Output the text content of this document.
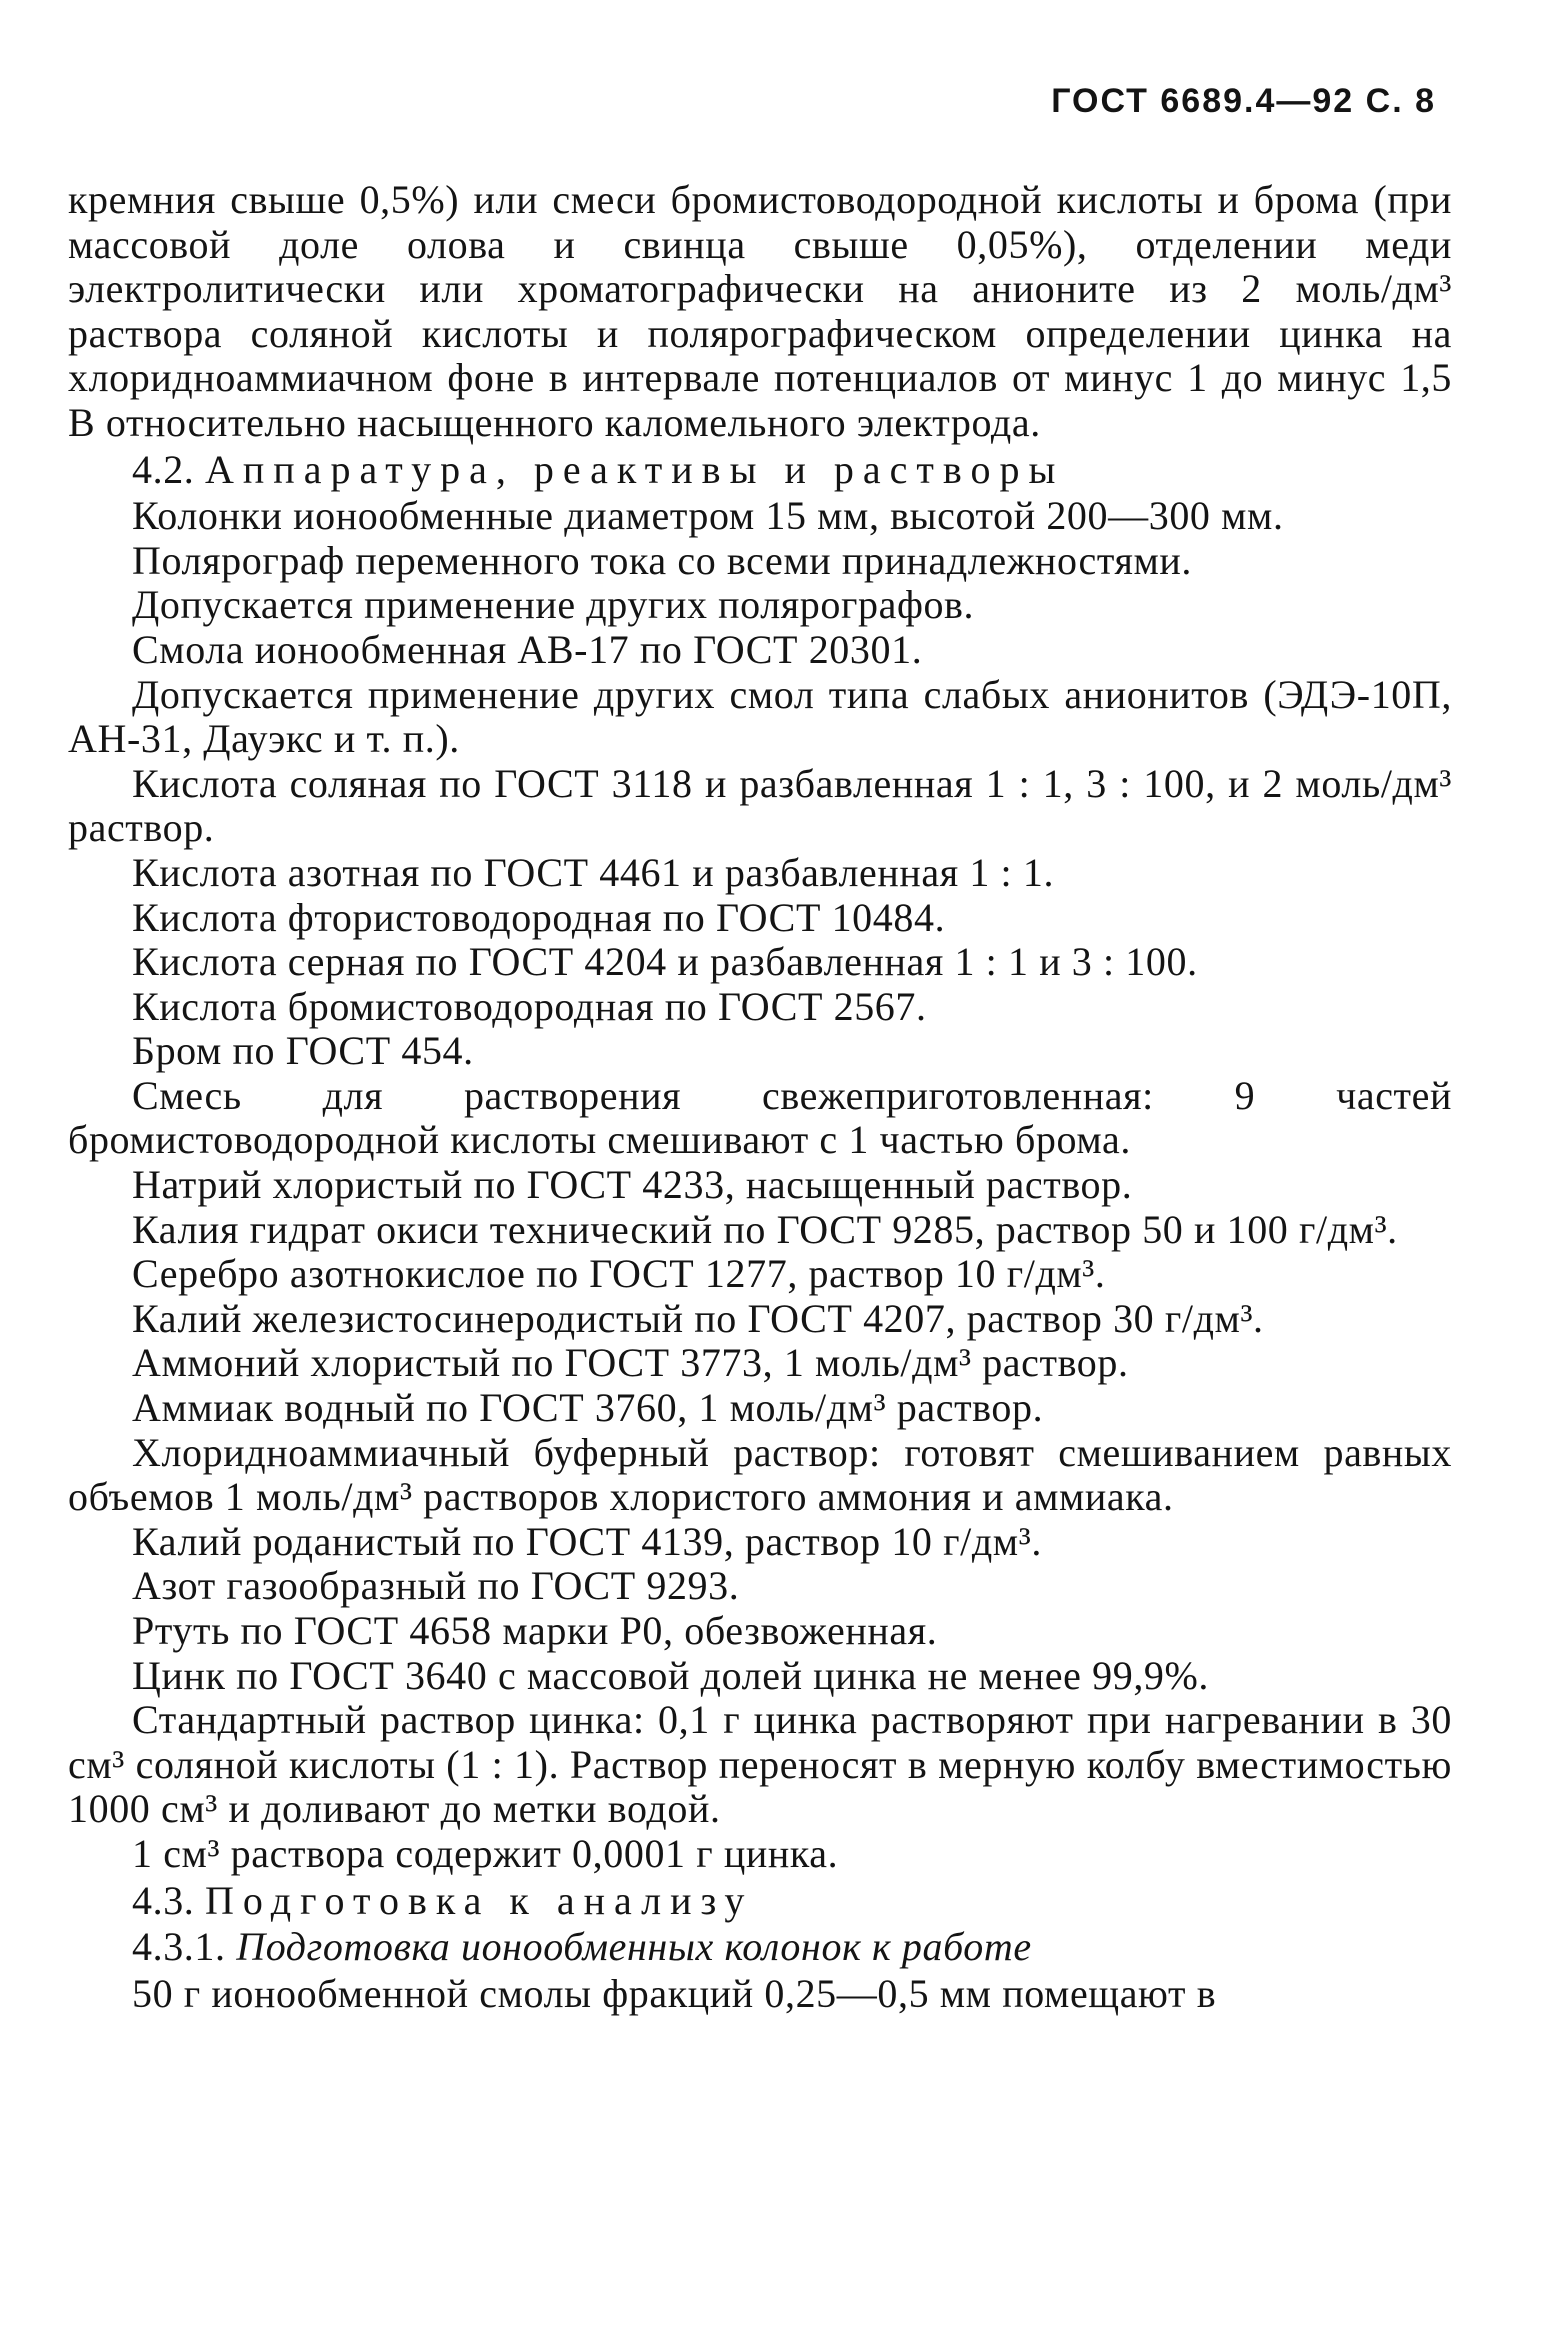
ГОСТ 6689.4—92 С. 8

кремния свыше 0,5%) или смеси бромистоводородной кислоты и брома (при массовой доле олова и свинца свыше 0,05%), отделении меди электролитически или хроматографически на анионите из 2 моль/дм³ раствора соляной кислоты и полярографическом определении цинка на хлоридноаммиачном фоне в интервале потенциалов от минус 1 до минус 1,5 В относительно насыщенного каломельного электрода.

4.2. Аппаратура, реактивы и растворы

Колонки ионообменные диаметром 15 мм, высотой 200—300 мм.

Полярограф переменного тока со всеми принадлежностями.

Допускается применение других полярографов.

Смола ионообменная АВ-17 по ГОСТ 20301.

Допускается применение других смол типа слабых анионитов (ЭДЭ-10П, АН-31, Дауэкс и т. п.).

Кислота соляная по ГОСТ 3118 и разбавленная 1 : 1, 3 : 100, и 2 моль/дм³ раствор.

Кислота азотная по ГОСТ 4461 и разбавленная 1 : 1.

Кислота фтористоводородная по ГОСТ 10484.

Кислота серная по ГОСТ 4204 и разбавленная 1 : 1 и 3 : 100.

Кислота бромистоводородная по ГОСТ 2567.

Бром по ГОСТ 454.

Смесь для растворения свежеприготовленная: 9 частей бромистоводородной кислоты смешивают с 1 частью брома.

Натрий хлористый по ГОСТ 4233, насыщенный раствор.

Калия гидрат окиси технический по ГОСТ 9285, раствор 50 и 100 г/дм³.

Серебро азотнокислое по ГОСТ 1277, раствор 10 г/дм³.

Калий железистосинеродистый по ГОСТ 4207, раствор 30 г/дм³.

Аммоний хлористый по ГОСТ 3773, 1 моль/дм³ раствор.

Аммиак водный по ГОСТ 3760, 1 моль/дм³ раствор.

Хлоридноаммиачный буферный раствор: готовят смешиванием равных объемов 1 моль/дм³ растворов хлористого аммония и аммиака.

Калий роданистый по ГОСТ 4139, раствор 10 г/дм³.

Азот газообразный по ГОСТ 9293.

Ртуть по ГОСТ 4658 марки Р0, обезвоженная.

Цинк по ГОСТ 3640 с массовой долей цинка не менее 99,9%.

Стандартный раствор цинка: 0,1 г цинка растворяют при нагревании в 30 см³ соляной кислоты (1 : 1). Раствор переносят в мерную колбу вместимостью 1000 см³ и доливают до метки водой.

1 см³ раствора содержит 0,0001 г цинка.

4.3. Подготовка к анализу

4.3.1. Подготовка ионообменных колонок к работе

50 г ионообменной смолы фракций 0,25—0,5 мм помещают в
